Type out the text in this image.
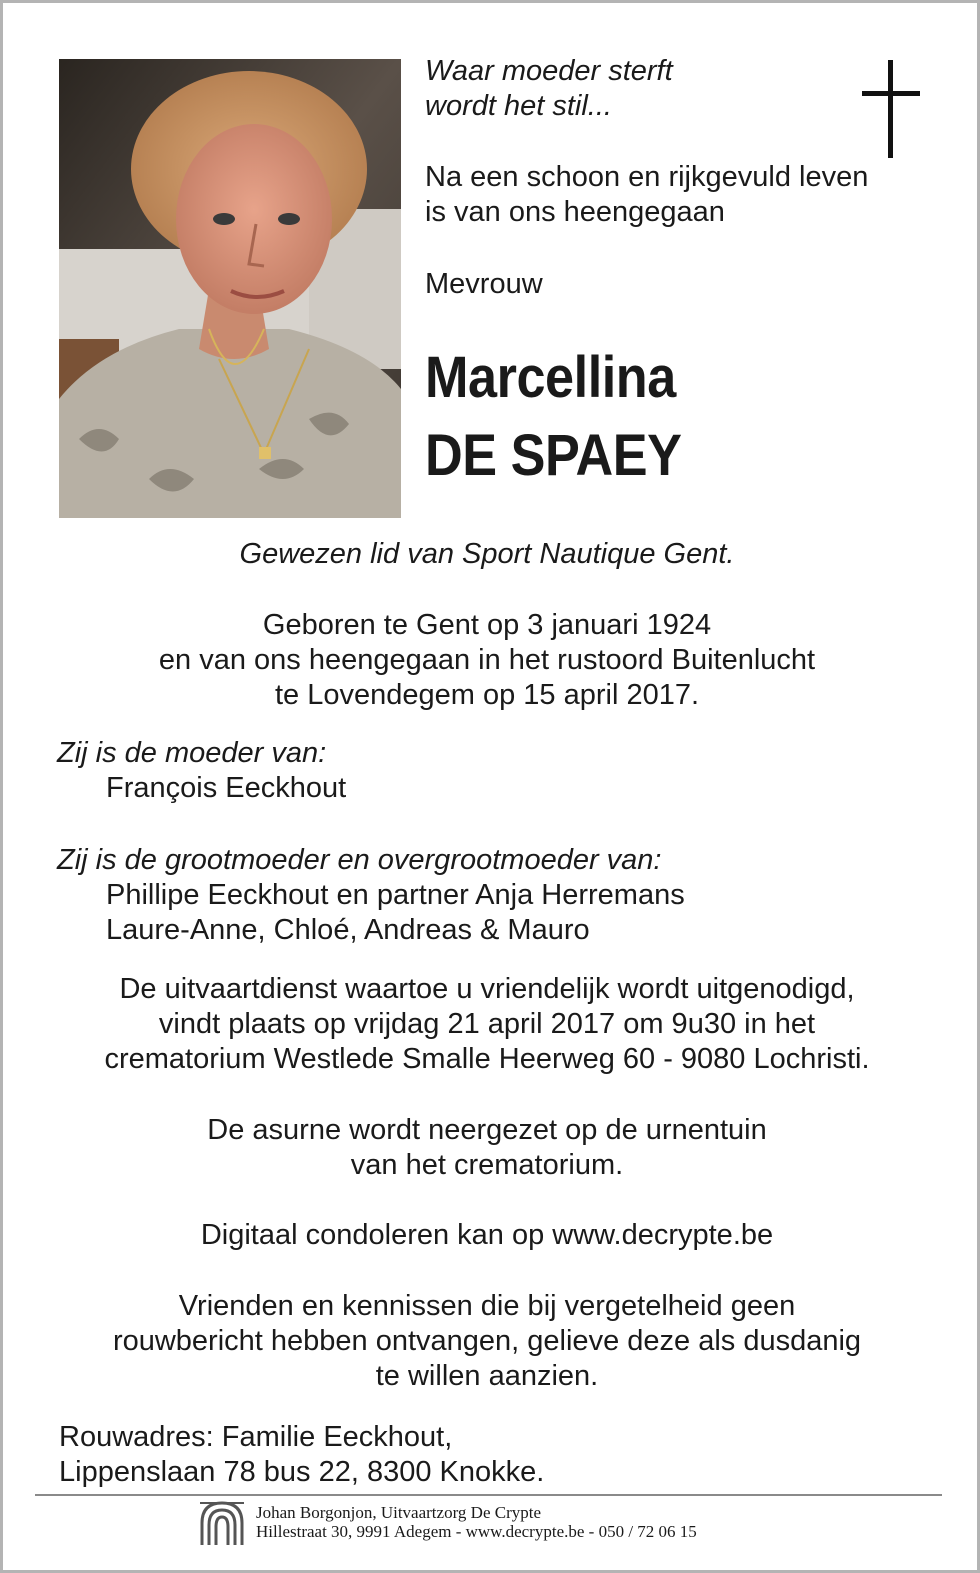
Waar moeder sterft
wordt het stil...
Na een schoon en rijkgevuld leven
is van ons heengegaan
Mevrouw
Marcellina
DE SPAEY
Gewezen lid van Sport Nautique Gent.
Geboren te Gent op 3 januari 1924
en van ons heengegaan in het rustoord Buitenlucht
te Lovendegem op 15 april 2017.
Zij is de moeder van:
François Eeckhout
Zij is de grootmoeder en overgrootmoeder van:
Phillipe Eeckhout en partner Anja Herremans
Laure-Anne, Chloé, Andreas & Mauro
De uitvaartdienst waartoe u vriendelijk wordt uitgenodigd,
vindt plaats op vrijdag 21 april 2017 om 9u30 in het
crematorium Westlede Smalle Heerweg 60 - 9080 Lochristi.
De asurne wordt neergezet op de urnentuin
van het crematorium.
Digitaal condoleren kan op www.decrypte.be
Vrienden en kennissen die bij vergetelheid geen
rouwbericht hebben ontvangen, gelieve deze als dusdanig
te willen aanzien.
Rouwadres: Familie Eeckhout,
Lippenslaan 78 bus 22, 8300 Knokke.
Johan Borgonjon, Uitvaartzorg De Crypte
Hillestraat 30, 9991 Adegem - www.decrypte.be - 050 / 72 06 15
